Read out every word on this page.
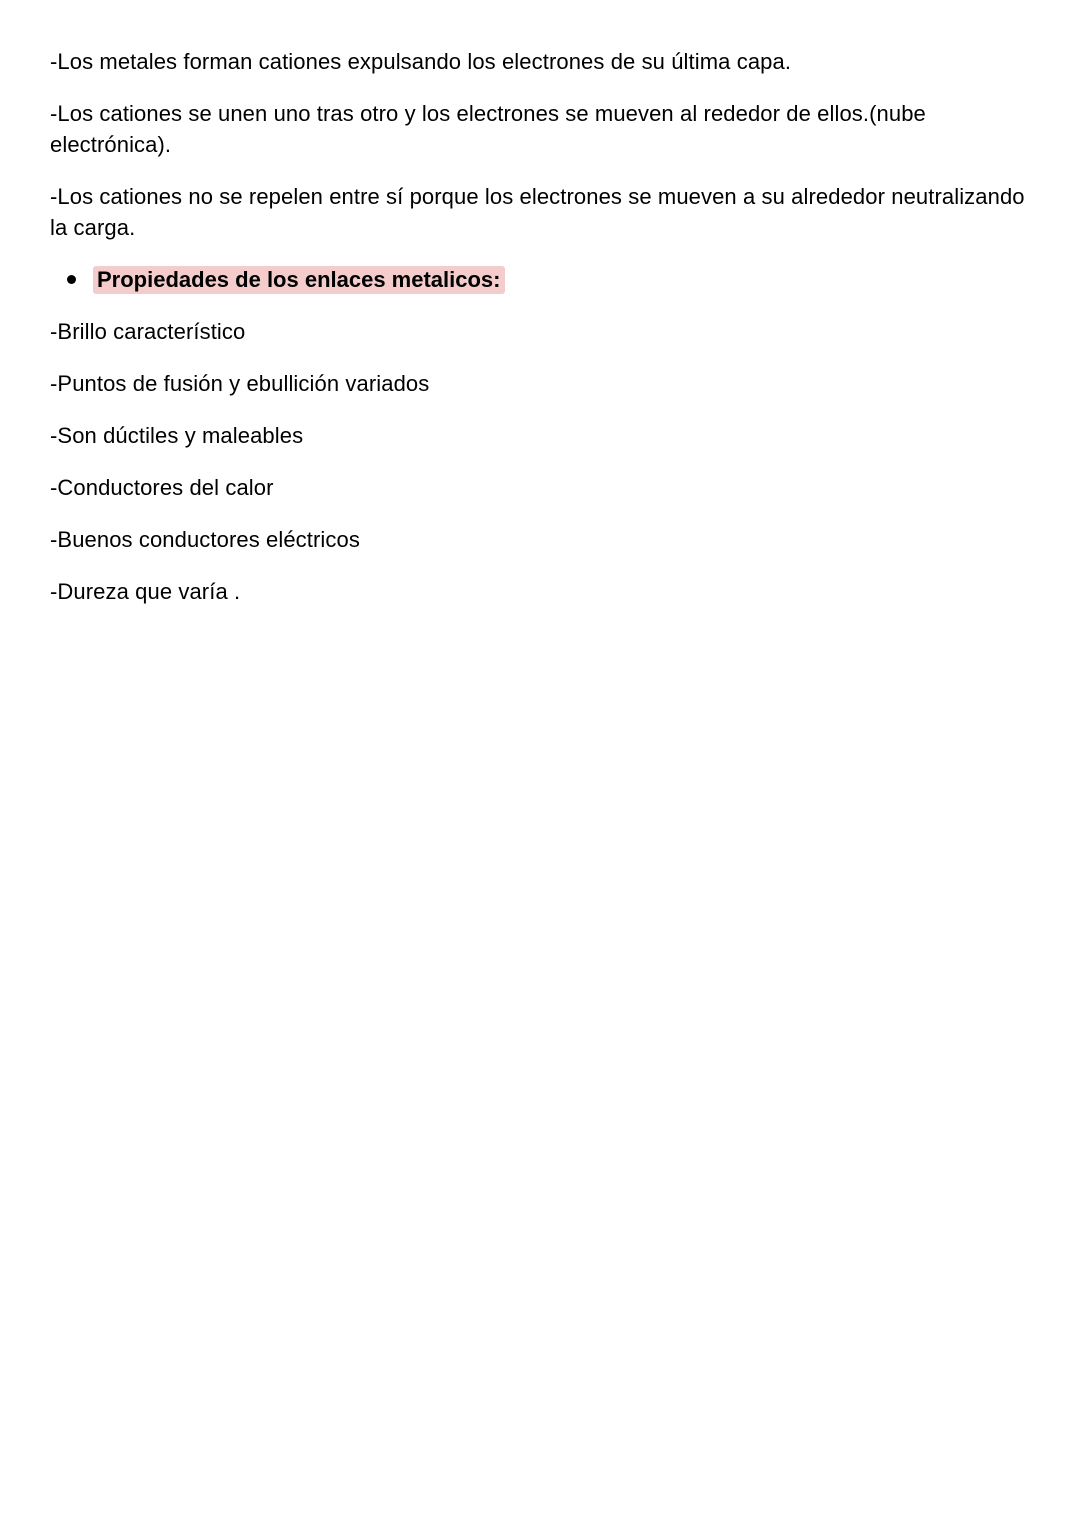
-Los metales forman cationes expulsando los electrones de su última capa.

-Los cationes se unen uno tras otro y los electrones se mueven al rededor de ellos.(nube electrónica).

-Los cationes no se repelen entre sí porque los electrones se mueven a su alrededor neutralizando la carga.

Propiedades de los enlaces metalicos:

-Brillo característico

-Puntos de fusión y ebullición variados

-Son dúctiles y maleables

-Conductores del calor

-Buenos conductores eléctricos

-Dureza que varía .
